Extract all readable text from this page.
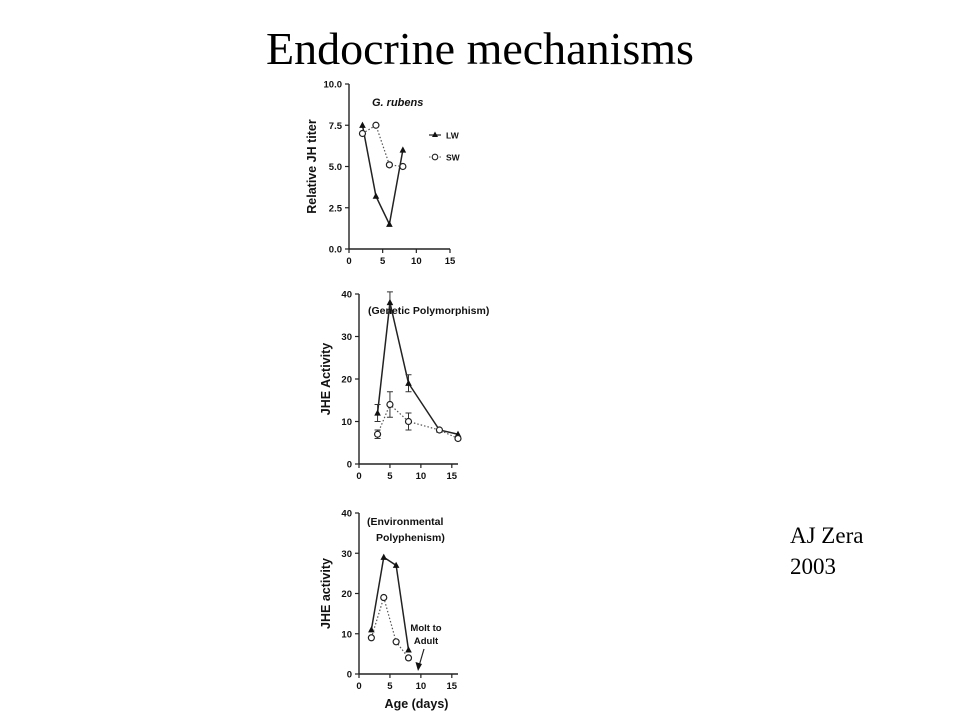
Endocrine mechanisms
0.0
2.5
5.0
7.5
10.0
0	5	10 15
Relative JH titer
0
10
20
30
40
0	5 10 15
JHE Activity
0
10
20
30
40
0	5 10 15
JHE activity
Age (days)
G. rubens
LW
SW
(Genetic Polymorphism)
(Environmental
Polyphenism)
Molt to
Adult
AJ Zera
2003
